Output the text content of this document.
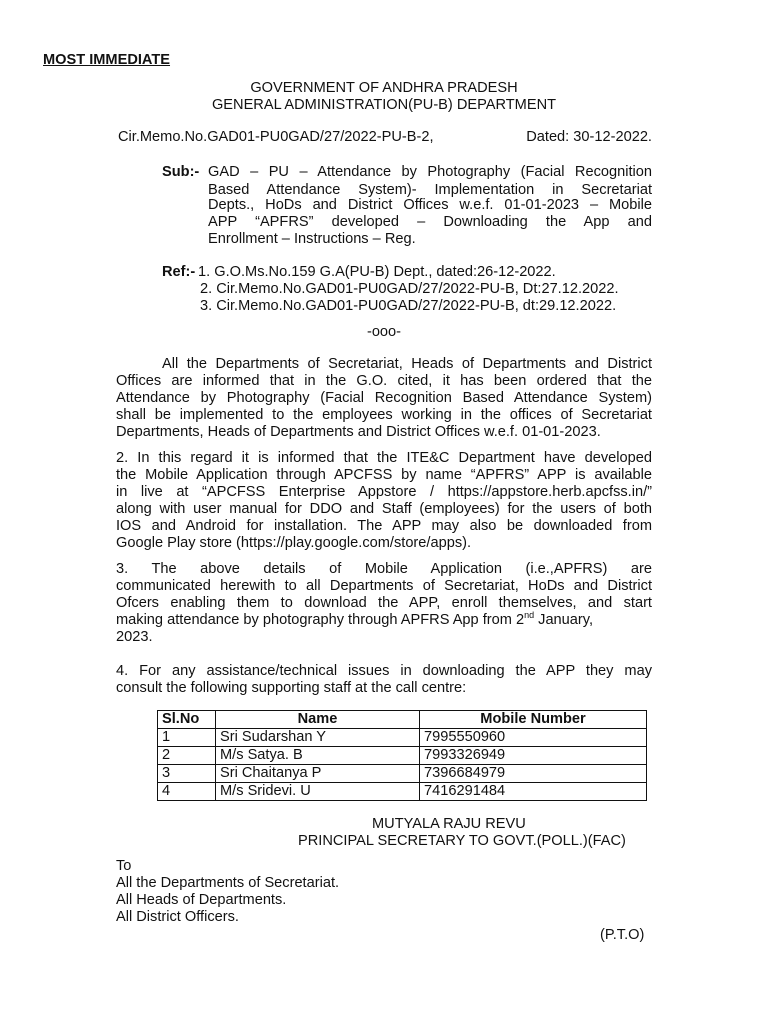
MOST IMMEDIATE
GOVERNMENT OF ANDHRA PRADESH
GENERAL ADMINISTRATION(PU-B) DEPARTMENT
Cir.Memo.No.GAD01-PU0GAD/27/2022-PU-B-2,	Dated: 30-12-2022.
Sub:- GAD – PU – Attendance by Photography (Facial Recognition
Based Attendance System)- Implementation in Secretariat
Depts., HoDs and District Offices w.e.f. 01-01-2023 – Mobile
APP “APFRS” developed – Downloading the App and
Enrollment – Instructions – Reg.
Ref:- 1. G.O.Ms.No.159 G.A(PU-B) Dept., dated:26-12-2022.
2. Cir.Memo.No.GAD01-PU0GAD/27/2022-PU-B, Dt:27.12.2022.
3. Cir.Memo.No.GAD01-PU0GAD/27/2022-PU-B, dt:29.12.2022.
-ooo-
All the Departments of Secretariat, Heads of Departments and District
Offices are informed that in the G.O. cited, it has been ordered that the
Attendance by Photography (Facial Recognition Based Attendance System)
shall be implemented to the employees working in the offices of Secretariat
Departments, Heads of Departments and District Offices w.e.f. 01-01-2023.
2. In this regard it is informed that the ITE&C Department have developed
the Mobile Application through APCFSS by name “APFRS” APP is available
in live at “APCFSS Enterprise Appstore / https://appstore.herb.apcfss.in/”
along with user manual for DDO and Staff (employees) for the users of both
IOS and Android for installation. The APP may also be downloaded from
Google Play store (https://play.google.com/store/apps).
3. The above details of Mobile Application (i.e.,APFRS) are
communicated herewith to all Departments of Secretariat, HoDs and District
Ofcers enabling them to download the APP, enroll themselves, and start
making attendance by photography through APFRS App from 2nd January,
2023.
4. For any assistance/technical issues in downloading the APP they may
consult the following supporting staff at the call centre:
Sl.No	Name	Mobile Number
1	Sri Sudarshan Y	7995550960
2	M/s Satya. B	7993326949
3	Sri Chaitanya P	7396684979
4	M/s Sridevi. U	7416291484
MUTYALA RAJU REVU
PRINCIPAL SECRETARY TO GOVT.(POLL.)(FAC)
To
All the Departments of Secretariat.
All Heads of Departments.
All District Officers.
(P.T.O)
